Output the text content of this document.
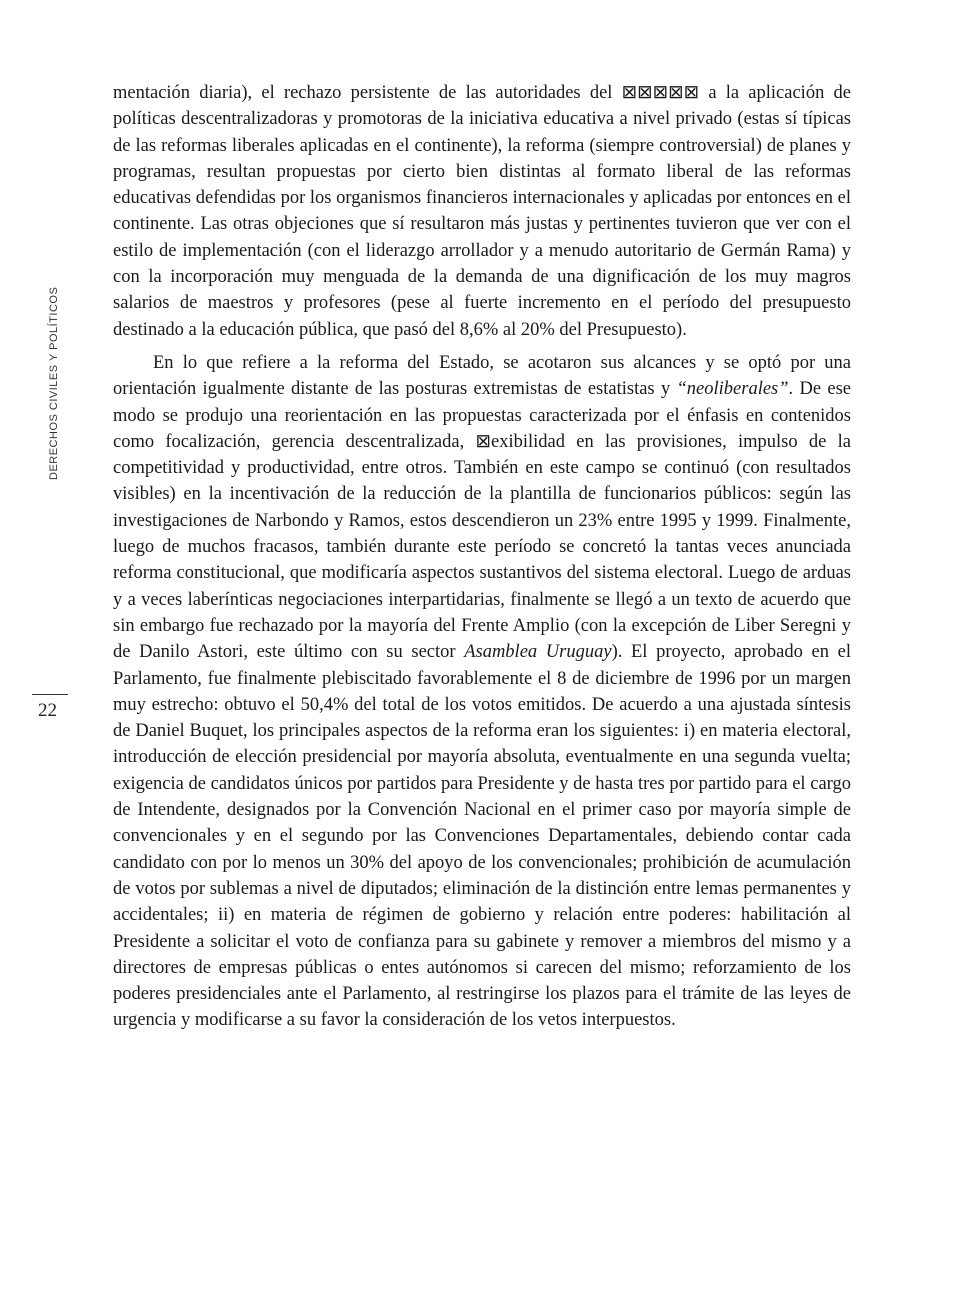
DERECHOS CIVILES Y POLÍTICOS
22

mentación diaria), el rechazo persistente de las autoridades del ⊠⊠⊠⊠⊠ a la aplicación de políticas descentralizadoras y promotoras de la iniciativa educativa a nivel privado (estas sí típicas de las reformas liberales aplicadas en el continente), la reforma (siempre controversial) de planes y programas, resultan propuestas por cierto bien distintas al formato liberal de las reformas educativas defendidas por los organismos financieros internacionales y aplicadas por entonces en el continente. Las otras objeciones que sí resultaron más justas y pertinentes tuvieron que ver con el estilo de implementación (con el liderazgo arrollador y a menudo autoritario de Germán Rama) y con la incorporación muy menguada de la demanda de una dignificación de los muy magros salarios de maestros y profesores (pese al fuerte incremento en el período del presupuesto destinado a la educación pública, que pasó del 8,6% al 20% del Presupuesto).

En lo que refiere a la reforma del Estado, se acotaron sus alcances y se optó por una orientación igualmente distante de las posturas extremistas de estatistas y “neoliberales”. De ese modo se produjo una reorientación en las propuestas caracterizada por el énfasis en contenidos como focalización, gerencia descentralizada, ⊠exibilidad en las provisiones, impulso de la competitividad y productividad, entre otros. También en este campo se continuó (con resultados visibles) en la incentivación de la reducción de la plantilla de funcionarios públicos: según las investigaciones de Narbondo y Ramos, estos descendieron un 23% entre 1995 y 1999. Finalmente, luego de muchos fracasos, también durante este período se concretó la tantas veces anunciada reforma constitucional, que modificaría aspectos sustantivos del sistema electoral. Luego de arduas y a veces laberínticas negociaciones interpartidarias, finalmente se llegó a un texto de acuerdo que sin embargo fue rechazado por la mayoría del Frente Amplio (con la excepción de Liber Seregni y de Danilo Astori, este último con su sector Asamblea Uruguay). El proyecto, aprobado en el Parlamento, fue finalmente plebiscitado favorablemente el 8 de diciembre de 1996 por un margen muy estrecho: obtuvo el 50,4% del total de los votos emitidos. De acuerdo a una ajustada síntesis de Daniel Buquet, los principales aspectos de la reforma eran los siguientes: i) en materia electoral, introducción de elección presidencial por mayoría absoluta, eventualmente en una segunda vuelta; exigencia de candidatos únicos por partidos para Presidente y de hasta tres por partido para el cargo de Intendente, designados por la Convención Nacional en el primer caso por mayoría simple de convencionales y en el segundo por las Convenciones Departamentales, debiendo contar cada candidato con por lo menos un 30% del apoyo de los convencionales; prohibición de acumulación de votos por sublemas a nivel de diputados; eliminación de la distinción entre lemas permanentes y accidentales; ii) en materia de régimen de gobierno y relación entre poderes: habilitación al Presidente a solicitar el voto de confianza para su gabinete y remover a miembros del mismo y a directores de empresas públicas o entes autónomos si carecen del mismo; reforzamiento de los poderes presidenciales ante el Parlamento, al restringirse los plazos para el trámite de las leyes de urgencia y modificarse a su favor la consideración de los vetos interpuestos.
